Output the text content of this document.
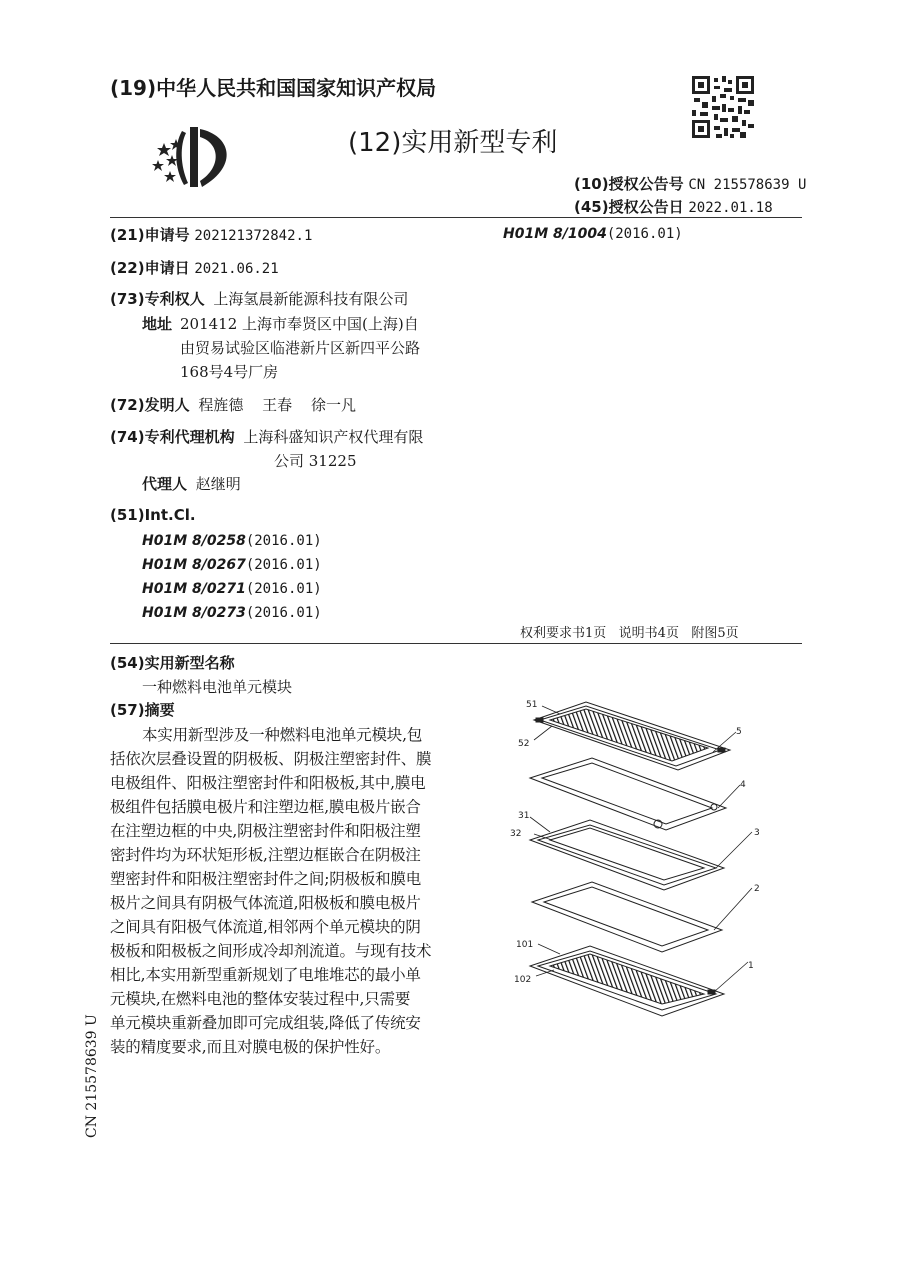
(19)中华人民共和国国家知识产权局
(12)实用新型专利
(10)授权公告号 CN 215578639 U
(45)授权公告日 2022.01.18
(21)申请号 202121372842.1	H01M 8/1004(2016.01)
(22)申请日 2021.06.21
(73)专利权人 上海氢晨新能源科技有限公司
地址 201412 上海市奉贤区中国(上海)自
由贸易试验区临港新片区新四平公路
168号4号厂房
(72)发明人 程旌德 王春 徐一凡
(74)专利代理机构 上海科盛知识产权代理有限
公司 31225
代理人 赵继明
(51)Int.Cl.
H01M 8/0258(2016.01)
H01M 8/0267(2016.01)
H01M 8/0271(2016.01)
H01M 8/0273(2016.01)
权利要求书1页   说明书4页   附图5页
(54)实用新型名称
一种燃料电池单元模块
(57)摘要
本实用新型涉及一种燃料电池单元模块,包
括依次层叠设置的阴极板、阴极注塑密封件、膜
电极组件、阳极注塑密封件和阳极板,其中,膜电
极组件包括膜电极片和注塑边框,膜电极片嵌合
在注塑边框的中央,阴极注塑密封件和阳极注塑
密封件均为环状矩形板,注塑边框嵌合在阴极注
塑密封件和阳极注塑密封件之间;阴极板和膜电
极片之间具有阴极气体流道,阳极板和膜电极片
之间具有阳极气体流道,相邻两个单元模块的阴
极板和阳极板之间形成冷却剂流道。与现有技术
相比,本实用新型重新规划了电堆堆芯的最小单
元模块,在燃料电池的整体安装过程中,只需要
单元模块重新叠加即可完成组装,降低了传统安
装的精度要求,而且对膜电极的保护性好。
CN 215578639 U
51
52
5
4
31
32	3
2
101
102
1
